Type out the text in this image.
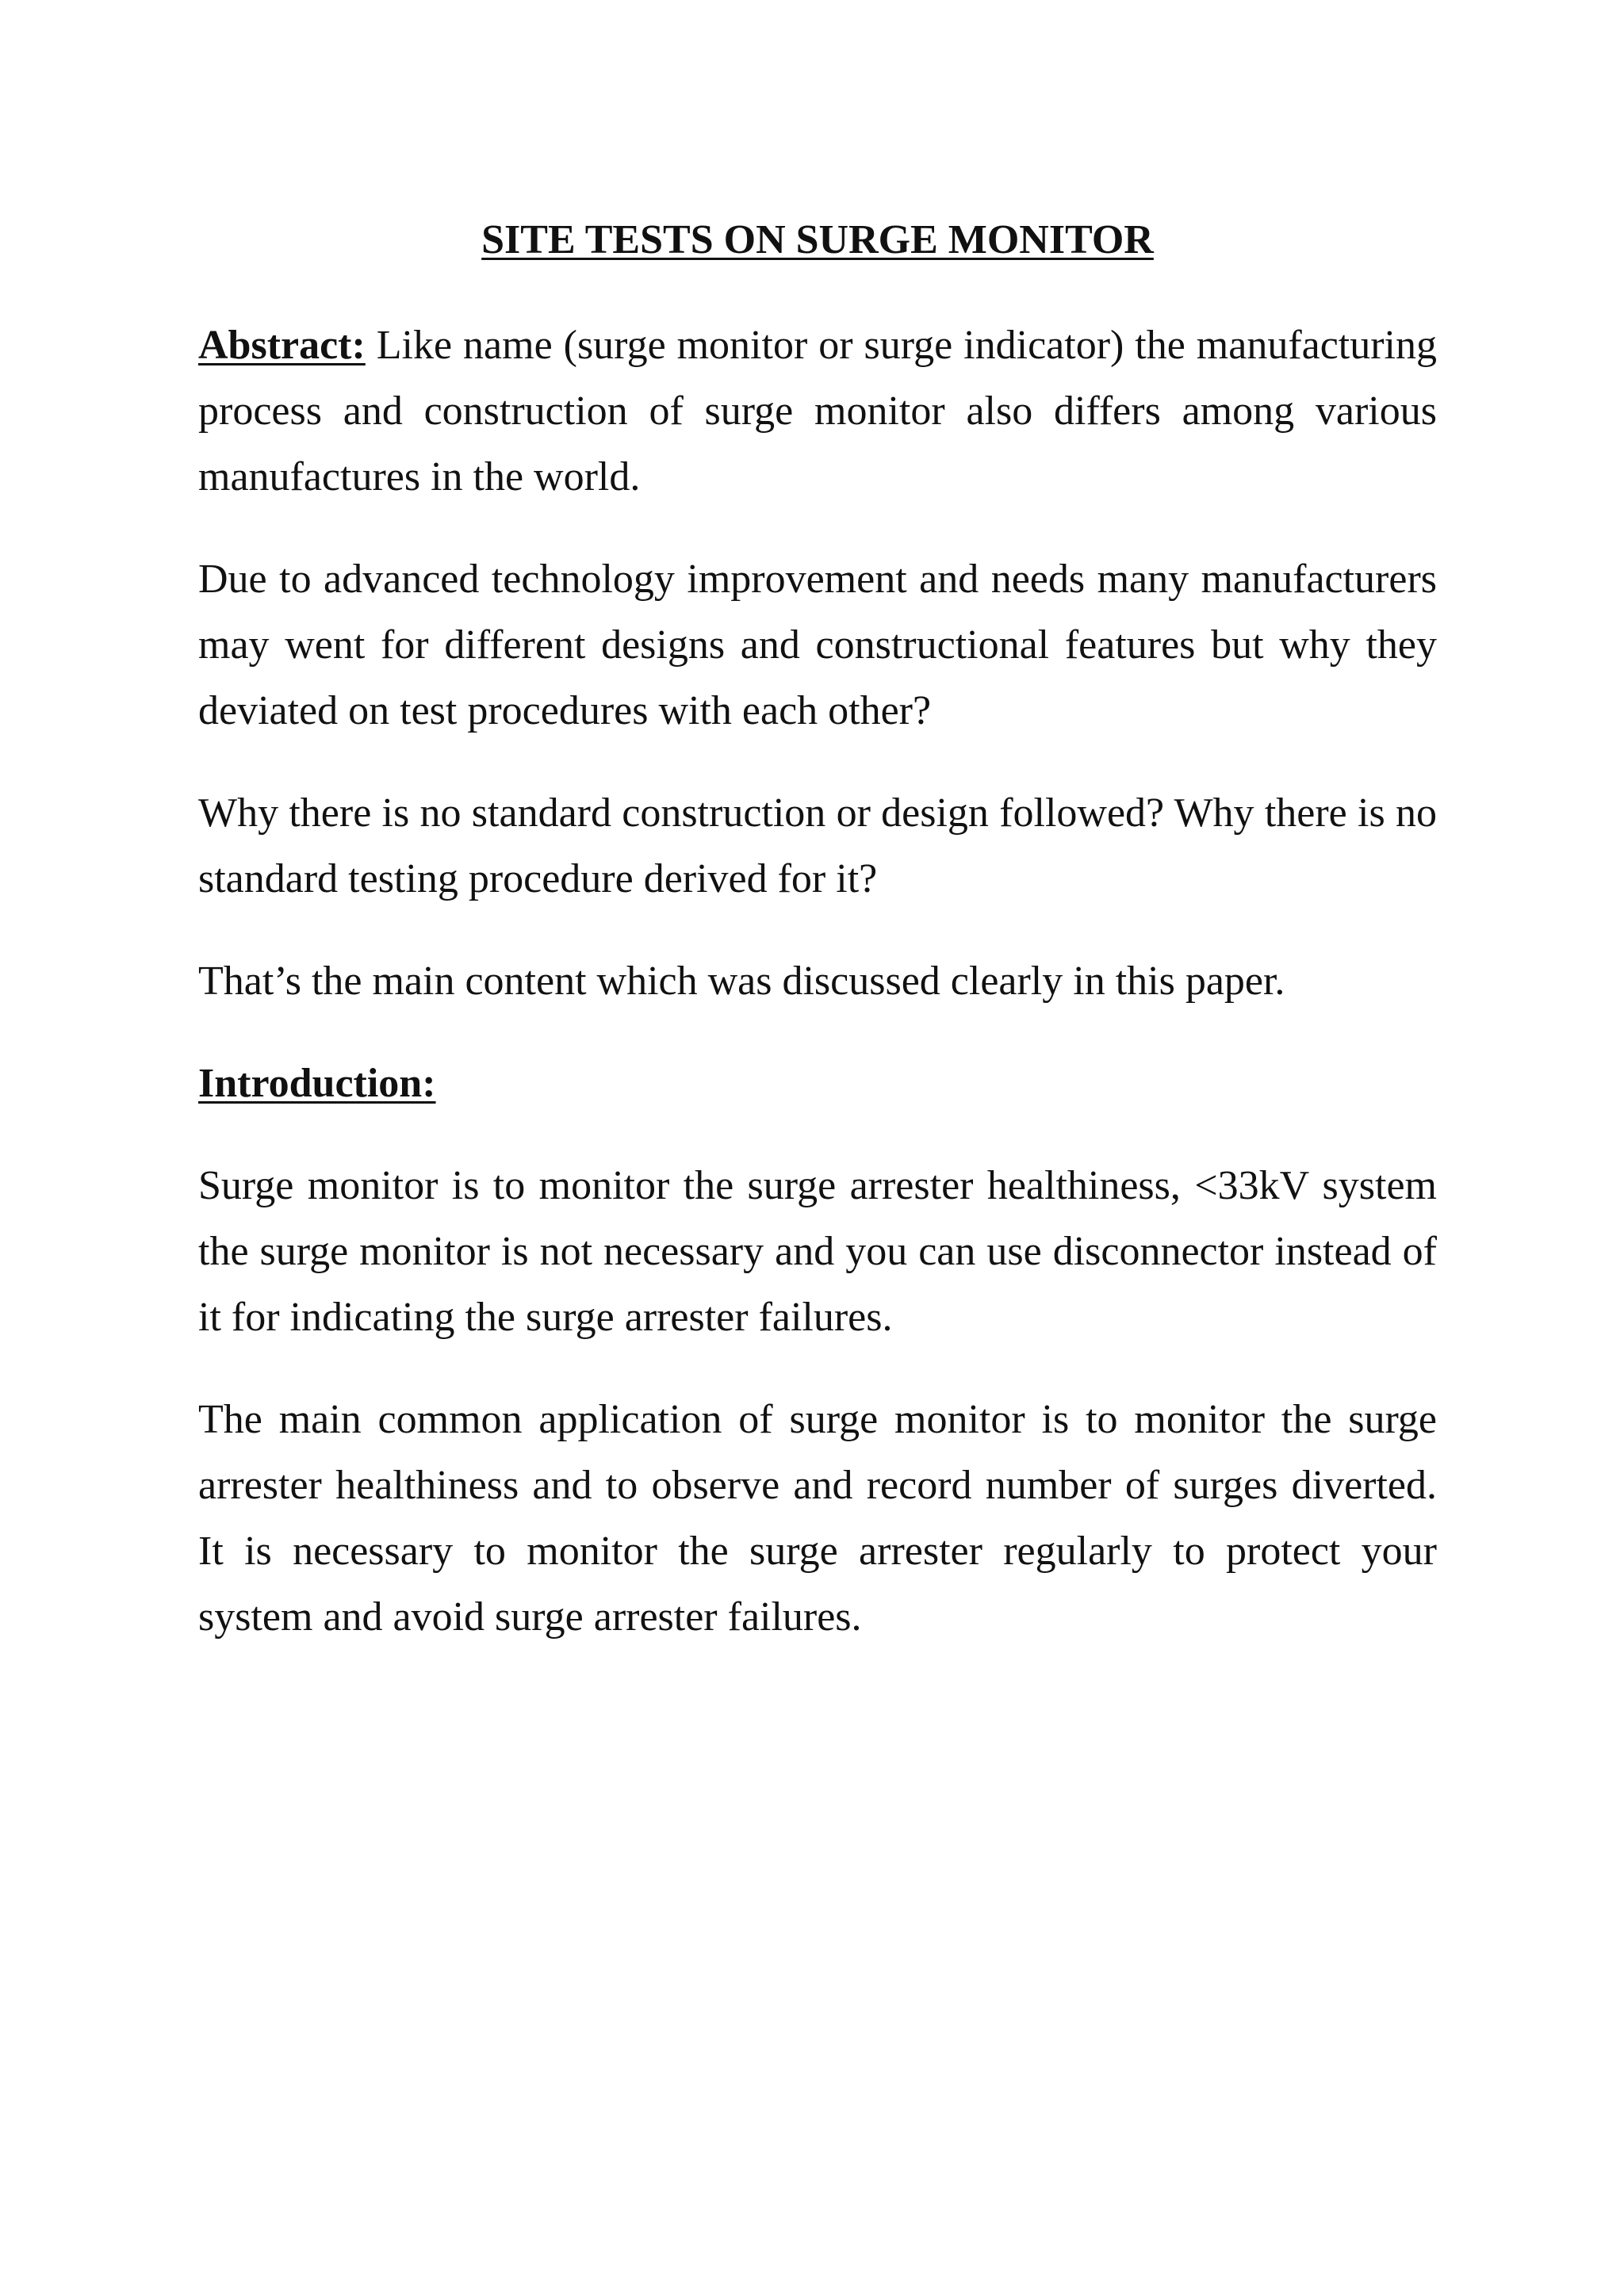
SITE TESTS ON SURGE MONITOR

Abstract: Like name (surge monitor or surge indicator) the manufacturing process and construction of surge monitor also differs among various manufactures in the world.

Due to advanced technology improvement and needs many manufacturers may went for different designs and constructional features but why they deviated on test procedures with each other?

Why there is no standard construction or design followed? Why there is no standard testing procedure derived for it?

That’s the main content which was discussed clearly in this paper.

Introduction:

Surge monitor is to monitor the surge arrester healthiness, <33kV system the surge monitor is not necessary and you can use disconnector instead of it for indicating the surge arrester failures.

The main common application of surge monitor is to monitor the surge arrester healthiness and to observe and record number of surges diverted. It is necessary to monitor the surge arrester regularly to protect your system and avoid surge arrester failures.
